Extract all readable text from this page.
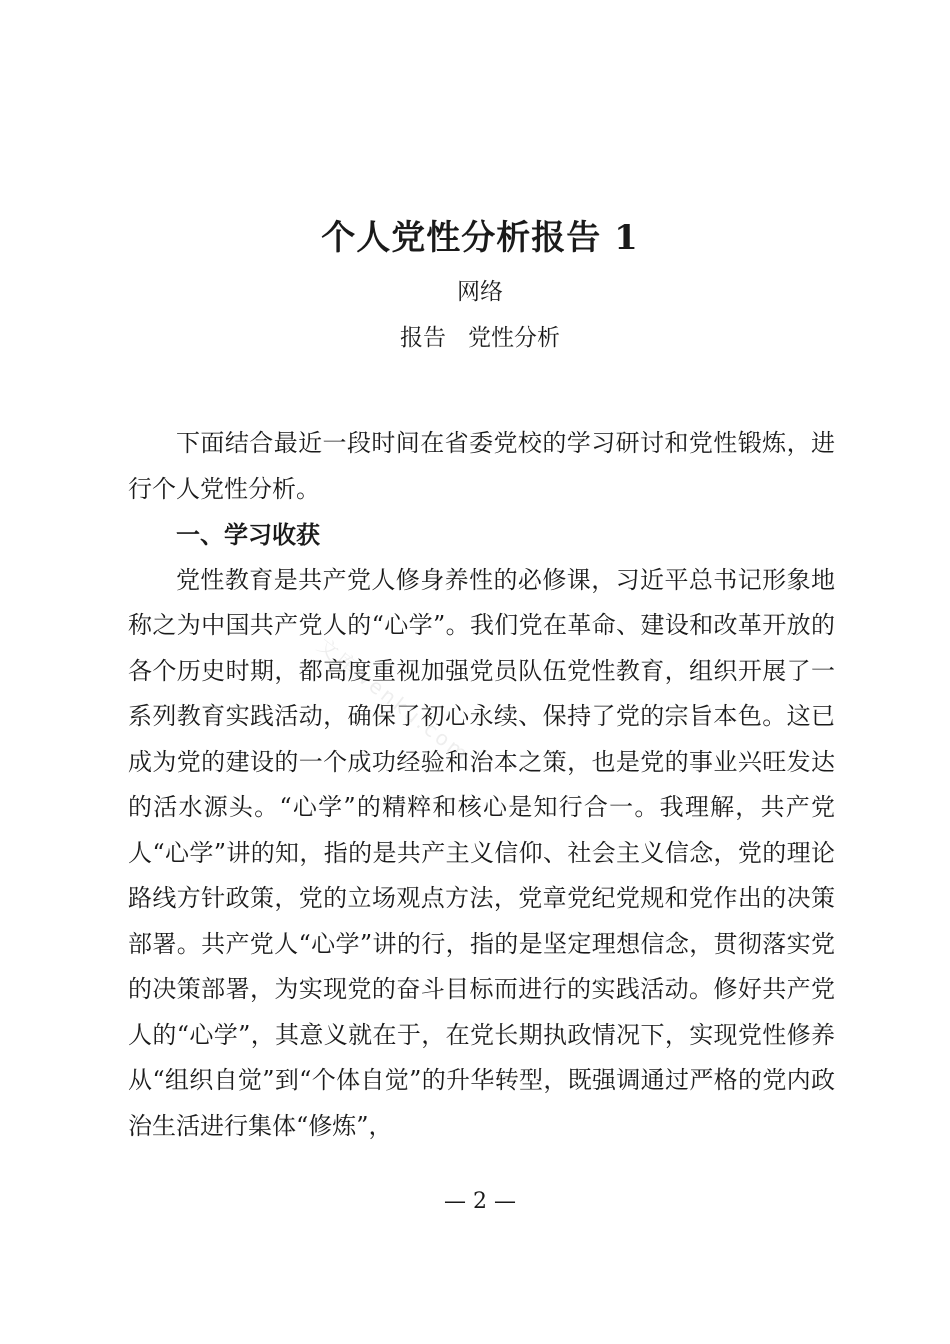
文库wenku.com
个人党性分析报告 1
网络
报告   党性分析

下面结合最近一段时间在省委党校的学习研讨和党性锻炼，进行个人党性分析。

一、学习收获

党性教育是共产党人修身养性的必修课，习近平总书记形象地称之为中国共产党人的“心学”。我们党在革命、建设和改革开放的各个历史时期，都高度重视加强党员队伍党性教育，组织开展了一系列教育实践活动，确保了初心永续、保持了党的宗旨本色。这已成为党的建设的一个成功经验和治本之策，也是党的事业兴旺发达的活水源头。“心学”的精粹和核心是知行合一。我理解，共产党人“心学”讲的知，指的是共产主义信仰、社会主义信念，党的理论路线方针政策，党的立场观点方法，党章党纪党规和党作出的决策部署。共产党人“心学”讲的行，指的是坚定理想信念，贯彻落实党的决策部署，为实现党的奋斗目标而进行的实践活动。修好共产党人的“心学”，其意义就在于，在党长期执政情况下，实现党性修养从“组织自觉”到“个体自觉”的升华转型，既强调通过严格的党内政治生活进行集体“修炼”，

— 2 —
